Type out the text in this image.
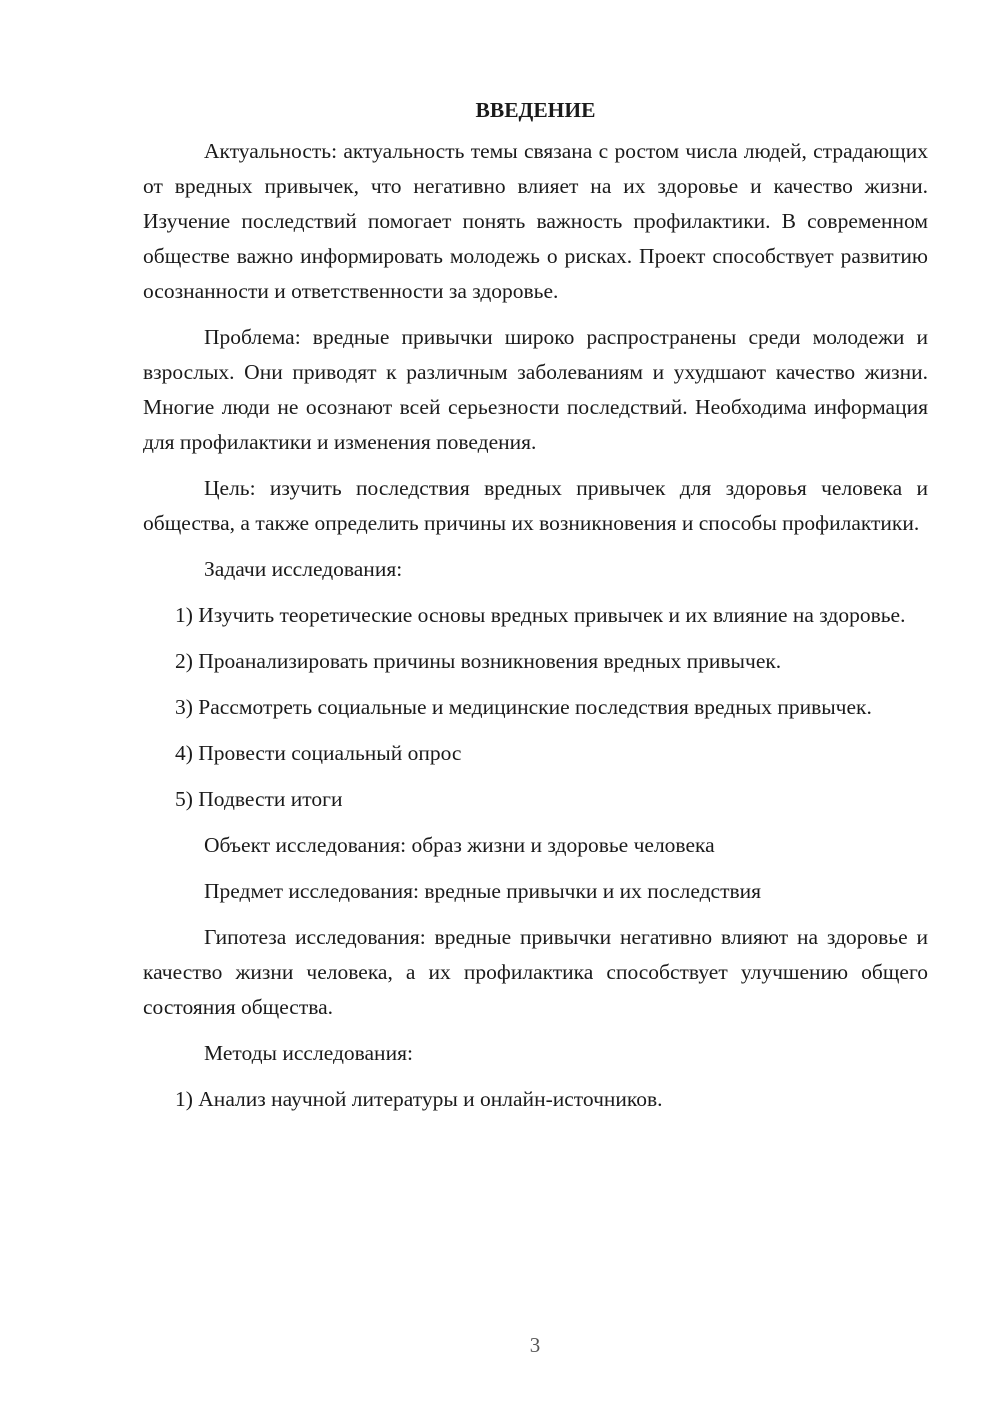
ВВЕДЕНИЕ

Актуальность: актуальность темы связана с ростом числа людей, страдающих от вредных привычек, что негативно влияет на их здоровье и качество жизни. Изучение последствий помогает понять важность профилактики. В современном обществе важно информировать молодежь о рисках. Проект способствует развитию осознанности и ответственности за здоровье.

Проблема: вредные привычки широко распространены среди молодежи и взрослых. Они приводят к различным заболеваниям и ухудшают качество жизни. Многие люди не осознают всей серьезности последствий. Необходима информация для профилактики и изменения поведения.

Цель: изучить последствия вредных привычек для здоровья человека и общества, а также определить причины их возникновения и способы профилактики.

Задачи исследования:

1) Изучить теоретические основы вредных привычек и их влияние на здоровье.

2) Проанализировать причины возникновения вредных привычек.

3) Рассмотреть социальные и медицинские последствия вредных привычек.

4) Провести социальный опрос

5) Подвести итоги

Объект исследования: образ жизни и здоровье человека

Предмет исследования: вредные привычки и их последствия

Гипотеза исследования: вредные привычки негативно влияют на здоровье и качество жизни человека, а их профилактика способствует улучшению общего состояния общества.

Методы исследования:

1) Анализ научной литературы и онлайн-источников.

3
